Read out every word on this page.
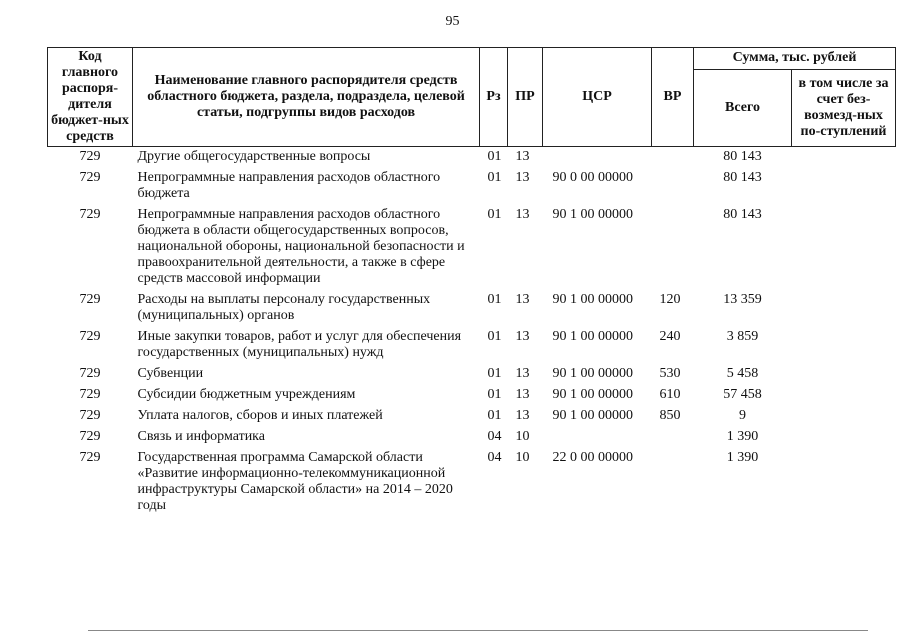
95
Код главного распоря-дителя бюджет-ных средств	Наименование главного распорядителя средств областного бюджета, раздела, подраздела, целевой статьи, подгруппы видов расходов	Рз	ПР	ЦСР	ВР	Сумма, тыс. рублей	
						Всего	в том числе за счет без-возмезд-ных по-ступлений
729	Другие общегосударственные вопросы	01	13			80 143	
729	Непрограммные направления расходов областного бюджета	01	13	90 0 00 00000		80 143	
729	Непрограммные направления расходов областного бюджета в области общегосударственных вопросов, национальной обороны, национальной безопасности и правоохранительной деятельности, а также в сфере средств массовой информации	01	13	90 1 00 00000		80 143	
729	Расходы на выплаты персоналу государственных (муниципальных) органов	01	13	90 1 00 00000	120	13 359	
729	Иные закупки товаров, работ и услуг для обеспечения государственных (муниципальных) нужд	01	13	90 1 00 00000	240	3 859	
729	Субвенции	01	13	90 1 00 00000	530	5 458	
729	Субсидии бюджетным учреждениям	01	13	90 1 00 00000	610	57 458	
729	Уплата налогов, сборов и иных платежей	01	13	90 1 00 00000	850	9	
729	Связь и информатика	04	10			1 390	
729	Государственная программа Самарской области «Развитие информационно-телекоммуникационной инфраструктуры Самарской области» на 2014 – 2020 годы	04	10	22 0 00 00000		1 390	
